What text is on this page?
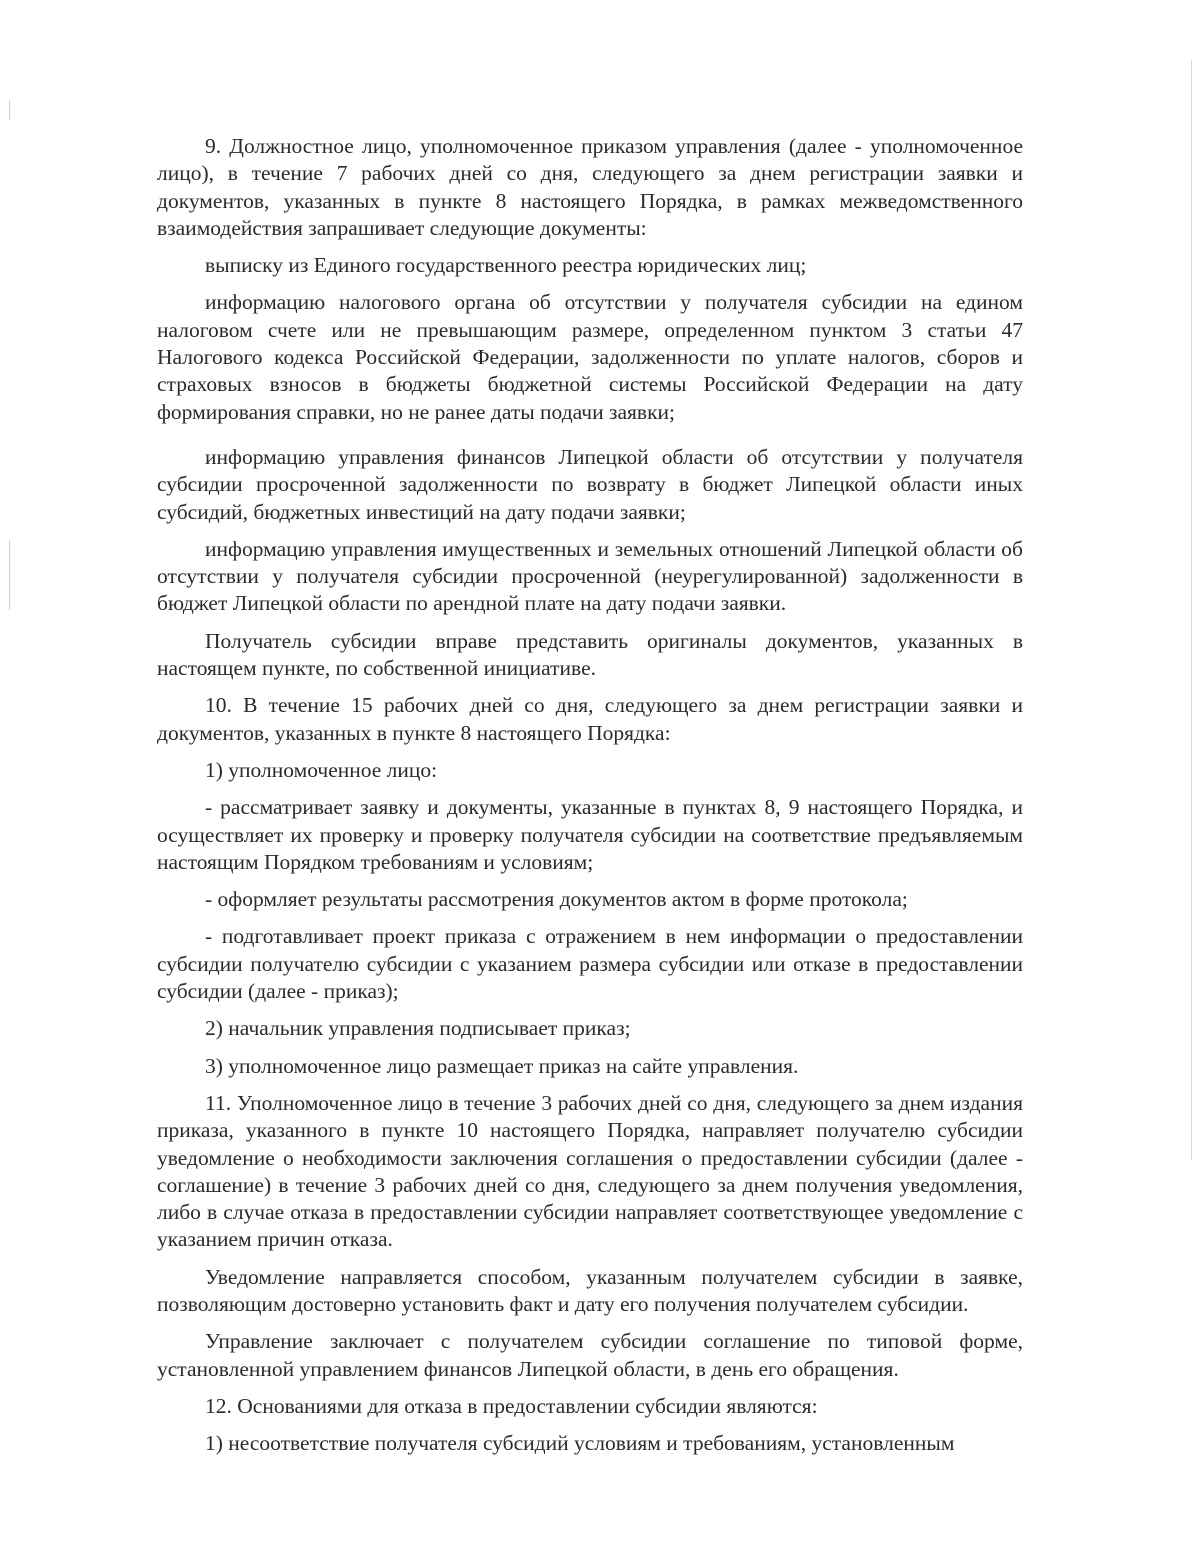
9. Должностное лицо, уполномоченное приказом управления (далее - уполномоченное лицо), в течение 7 рабочих дней со дня, следующего за днем регистрации заявки и документов, указанных в пункте 8 настоящего Порядка, в рамках межведомственного взаимодействия запрашивает следующие документы:

выписку из Единого государственного реестра юридических лиц;

информацию налогового органа об отсутствии у получателя субсидии на едином налоговом счете или не превышающим размере, определенном пунктом 3 статьи 47 Налогового кодекса Российской Федерации, задолженности по уплате налогов, сборов и страховых взносов в бюджеты бюджетной системы Российской Федерации на дату формирования справки, но не ранее даты подачи заявки;

информацию управления финансов Липецкой области об отсутствии у получателя субсидии просроченной задолженности по возврату в бюджет Липецкой области иных субсидий, бюджетных инвестиций на дату подачи заявки;

информацию управления имущественных и земельных отношений Липецкой области об отсутствии у получателя субсидии просроченной (неурегулированной) задолженности в бюджет Липецкой области по арендной плате на дату подачи заявки.

Получатель субсидии вправе представить оригиналы документов, указанных в настоящем пункте, по собственной инициативе.

10. В течение 15 рабочих дней со дня, следующего за днем регистрации заявки и документов, указанных в пункте 8 настоящего Порядка:

1) уполномоченное лицо:

- рассматривает заявку и документы, указанные в пунктах 8, 9 настоящего Порядка, и осуществляет их проверку и проверку получателя субсидии на соответствие предъявляемым настоящим Порядком требованиям и условиям;

- оформляет результаты рассмотрения документов актом в форме протокола;

- подготавливает проект приказа с отражением в нем информации о предоставлении субсидии получателю субсидии с указанием размера субсидии или отказе в предоставлении субсидии (далее - приказ);

2) начальник управления подписывает приказ;

3) уполномоченное лицо размещает приказ на сайте управления.

11. Уполномоченное лицо в течение 3 рабочих дней со дня, следующего за днем издания приказа, указанного в пункте 10 настоящего Порядка, направляет получателю субсидии уведомление о необходимости заключения соглашения о предоставлении субсидии (далее - соглашение) в течение 3 рабочих дней со дня, следующего за днем получения уведомления, либо в случае отказа в предоставлении субсидии направляет соответствующее уведомление с указанием причин отказа.

Уведомление направляется способом, указанным получателем субсидии в заявке, позволяющим достоверно установить факт и дату его получения получателем субсидии.

Управление заключает с получателем субсидии соглашение по типовой форме, установленной управлением финансов Липецкой области, в день его обращения.

12. Основаниями для отказа в предоставлении субсидии являются:

1) несоответствие получателя субсидий условиям и требованиям, установленным
